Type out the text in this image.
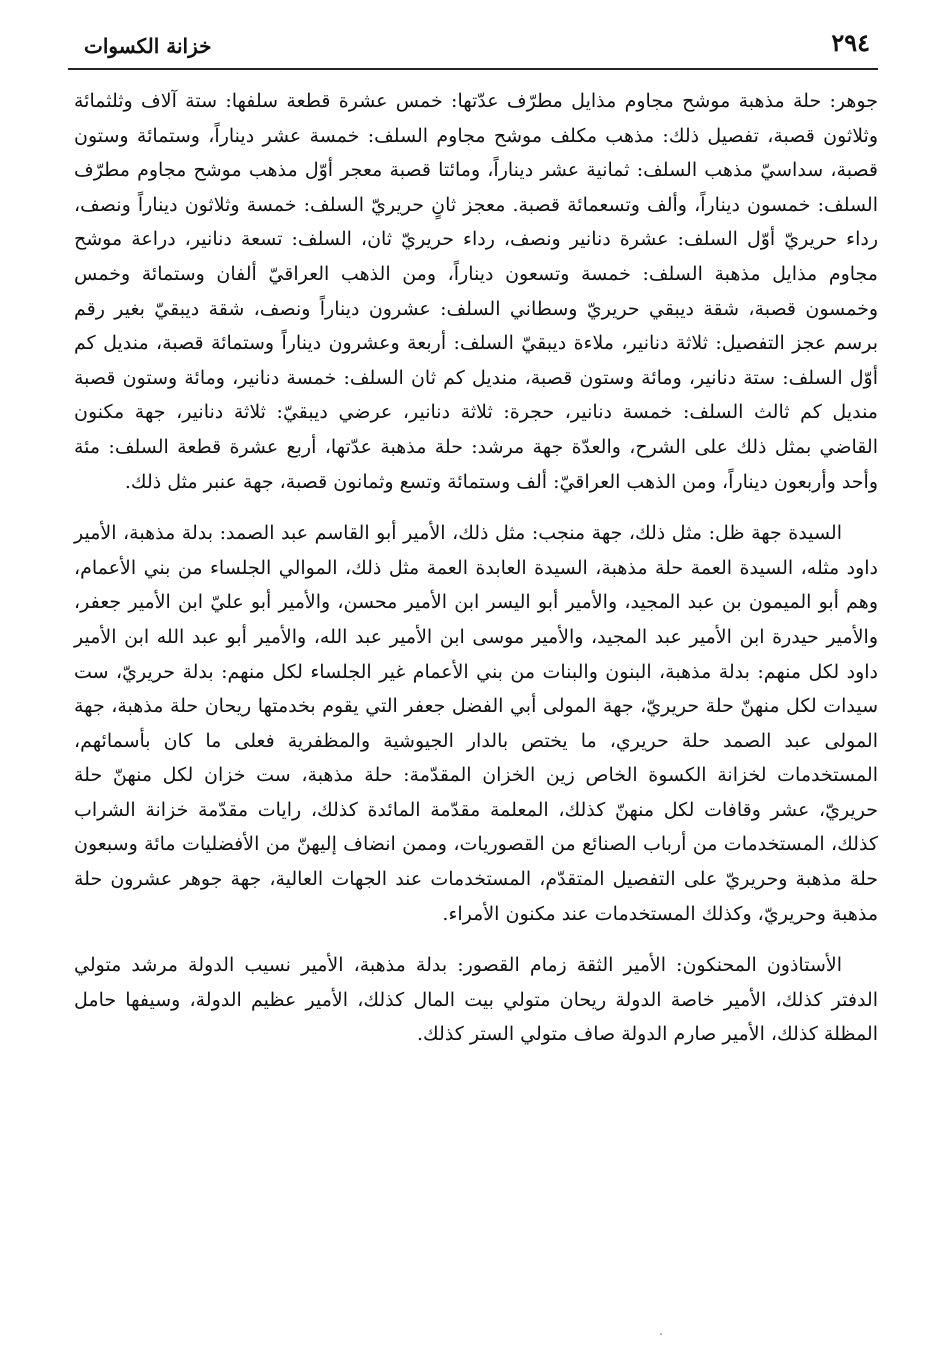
٢٩٤
خزانة الكسوات

جوهر: حلة مذهبة موشح مجاوم مذايل مطرّف عدّتها: خمس عشرة قطعة سلفها: ستة آلاف وثلثمائة وثلاثون قصبة، تفصيل ذلك: مذهب مكلف موشح مجاوم السلف: خمسة عشر ديناراً، وستمائة وستون قصبة، سداسيّ مذهب السلف: ثمانية عشر ديناراً، ومائتا قصبة معجر أوّل مذهب موشح مجاوم مطرّف السلف: خمسون ديناراً، وألف وتسعمائة قصبة. معجز ثانٍ حريريّ السلف: خمسة وثلاثون ديناراً ونصف، رداء حريريّ أوّل السلف: عشرة دنانير ونصف، رداء حريريّ ثان، السلف: تسعة دنانير، دراعة موشح مجاوم مذايل مذهبة السلف: خمسة وتسعون ديناراً، ومن الذهب العراقيّ ألفان وستمائة وخمس وخمسون قصبة، شقة ديبقي حريريّ وسطاني السلف: عشرون ديناراً ونصف، شقة ديبقيّ بغير رقم برسم عجز التفصيل: ثلاثة دنانير، ملاءة ديبقيّ السلف: أربعة وعشرون ديناراً وستمائة قصبة، منديل كم أوّل السلف: ستة دنانير، ومائة وستون قصبة، منديل كم ثان السلف: خمسة دنانير، ومائة وستون قصبة منديل كم ثالث السلف: خمسة دنانير، حجرة: ثلاثة دنانير، عرضي ديبقيّ: ثلاثة دنانير، جهة مكنون القاضي بمثل ذلك على الشرح، والعدّة جهة مرشد: حلة مذهبة عدّتها، أربع عشرة قطعة السلف: مئة وأحد وأربعون ديناراً، ومن الذهب العراقيّ: ألف وستمائة وتسع وثمانون قصبة، جهة عنبر مثل ذلك.

السيدة جهة ظل: مثل ذلك، جهة منجب: مثل ذلك، الأمير أبو القاسم عبد الصمد: بدلة مذهبة، الأمير داود مثله، السيدة العمة حلة مذهبة، السيدة العابدة العمة مثل ذلك، الموالي الجلساء من بني الأعمام، وهم أبو الميمون بن عبد المجيد، والأمير أبو اليسر ابن الأمير محسن، والأمير أبو عليّ ابن الأمير جعفر، والأمير حيدرة ابن الأمير عبد المجيد، والأمير موسى ابن الأمير عبد الله، والأمير أبو عبد الله ابن الأمير داود لكل منهم: بدلة مذهبة، البنون والبنات من بني الأعمام غير الجلساء لكل منهم: بدلة حريريّ، ست سيدات لكل منهنّ حلة حريريّ، جهة المولى أبي الفضل جعفر التي يقوم بخدمتها ريحان حلة مذهبة، جهة المولى عبد الصمد حلة حريري، ما يختص بالدار الجيوشية والمظفرية فعلى ما كان بأسمائهم، المستخدمات لخزانة الكسوة الخاص زين الخزان المقدّمة: حلة مذهبة، ست خزان لكل منهنّ حلة حريريّ، عشر وقافات لكل منهنّ كذلك، المعلمة مقدّمة المائدة كذلك، رايات مقدّمة خزانة الشراب كذلك، المستخدمات من أرباب الصنائع من القصوريات، وممن انضاف إليهنّ من الأفضليات مائة وسبعون حلة مذهبة وحريريّ على التفصيل المتقدّم، المستخدمات عند الجهات العالية، جهة جوهر عشرون حلة مذهبة وحريريّ، وكذلك المستخدمات عند مكنون الأمراء.

الأستاذون المحنكون: الأمير الثقة زمام القصور: بدلة مذهبة، الأمير نسيب الدولة مرشد متولي الدفتر كذلك، الأمير خاصة الدولة ريحان متولي بيت المال كذلك، الأمير عظيم الدولة، وسيفها حامل المظلة كذلك، الأمير صارم الدولة صاف متولي الستر كذلك.
